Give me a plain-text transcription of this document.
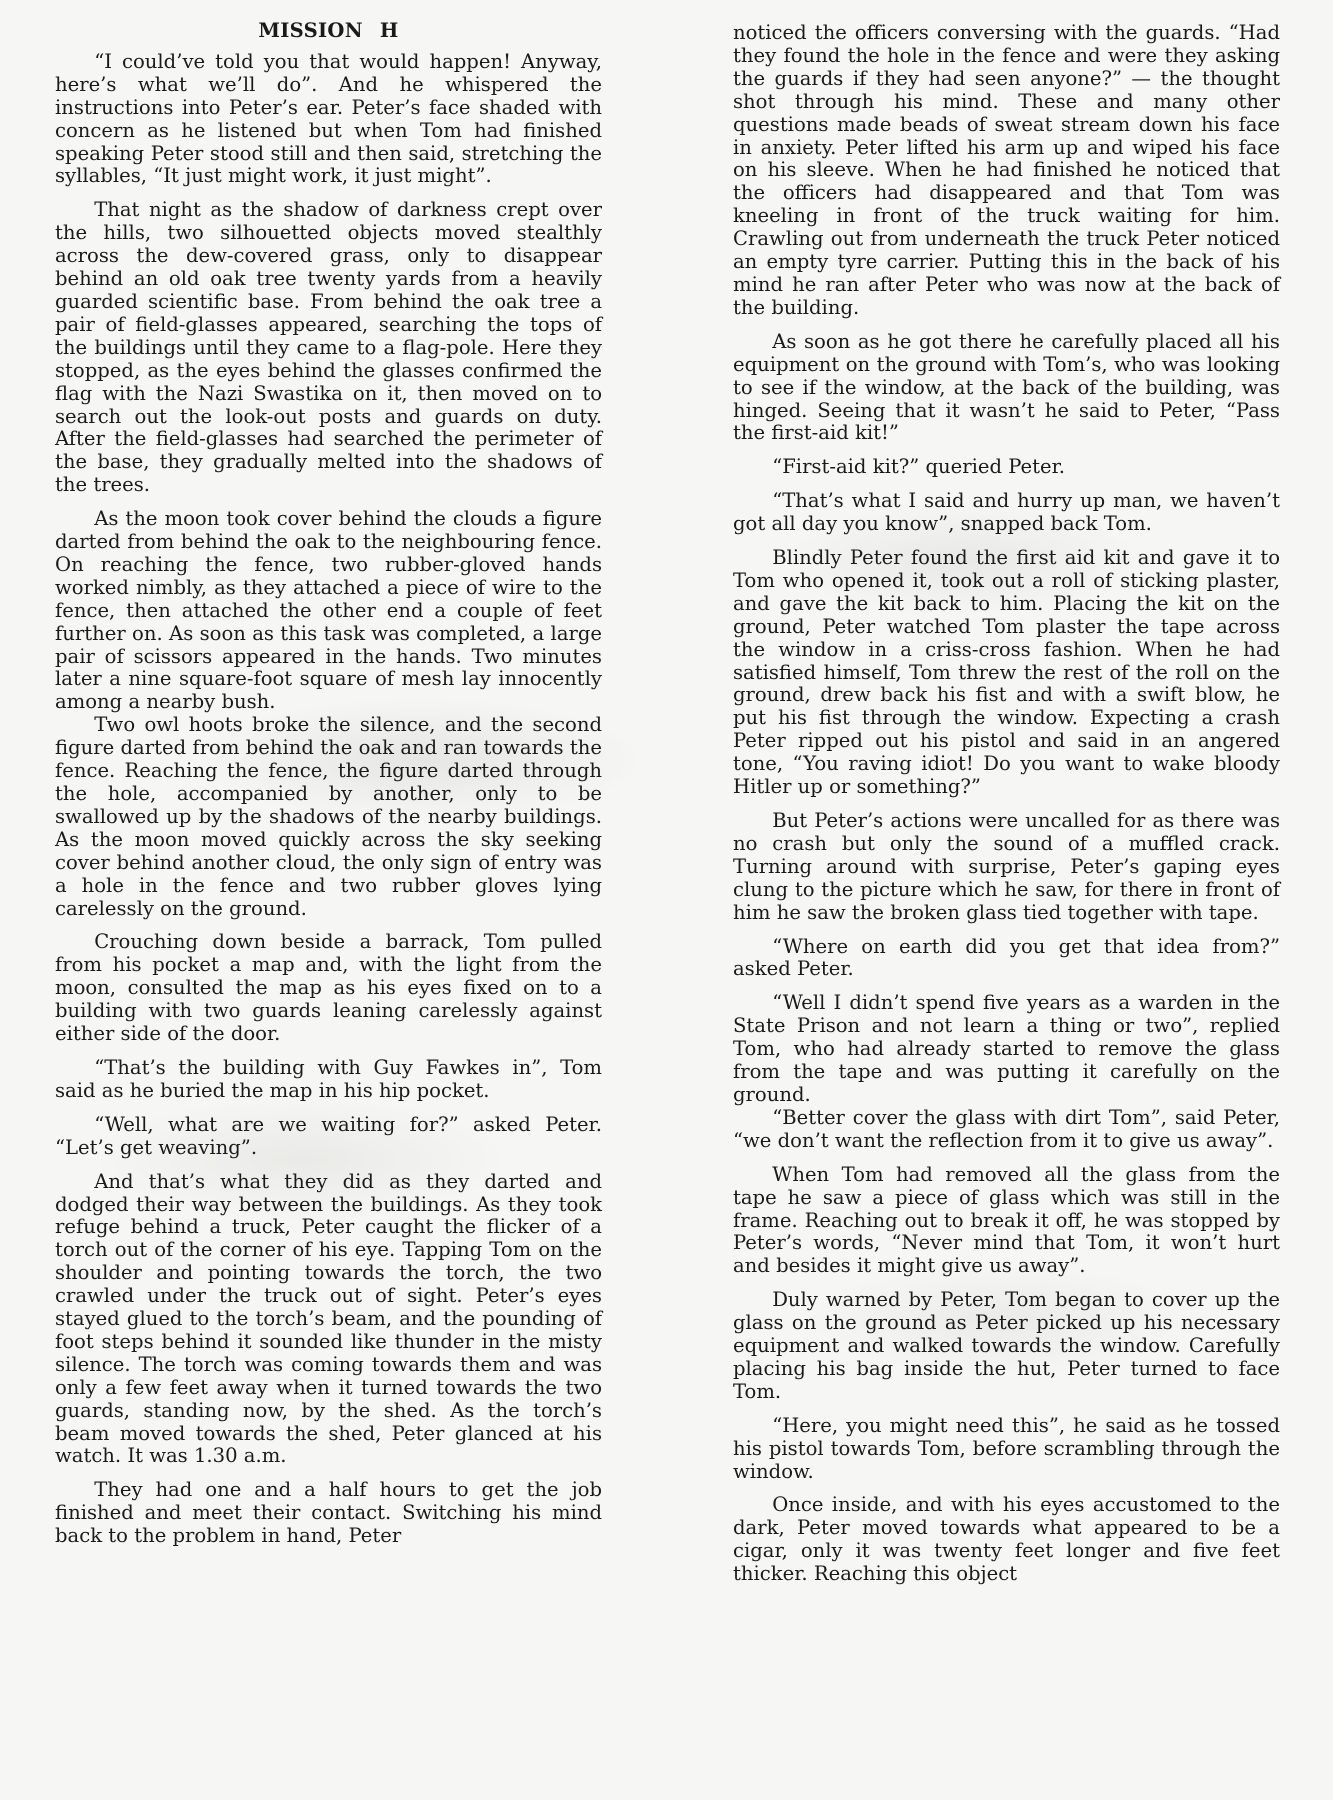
MISSION H

“I could’ve told you that would happen! Anyway, here’s what we’ll do”. And he whispered the instructions into Peter’s ear. Peter’s face shaded with concern as he listened but when Tom had finished speaking Peter stood still and then said, stretching the syllables, “It just might work, it just might”.

That night as the shadow of darkness crept over the hills, two silhouetted objects moved stealthly across the dew-covered grass, only to disappear behind an old oak tree twenty yards from a heavily guarded scientific base. From behind the oak tree a pair of field-glasses appeared, searching the tops of the buildings until they came to a flag-pole. Here they stopped, as the eyes behind the glasses confirmed the flag with the Nazi Swastika on it, then moved on to search out the look-out posts and guards on duty. After the field-glasses had searched the perimeter of the base, they gradually melted into the shadows of the trees.

As the moon took cover behind the clouds a figure darted from behind the oak to the neighbouring fence. On reaching the fence, two rubber-gloved hands worked nimbly, as they attached a piece of wire to the fence, then attached the other end a couple of feet further on. As soon as this task was completed, a large pair of scissors appeared in the hands. Two minutes later a nine square-foot square of mesh lay innocently among a nearby bush.

Two owl hoots broke the silence, and the second figure darted from behind the oak and ran towards the fence. Reaching the fence, the figure darted through the hole, accompanied by another, only to be swallowed up by the shadows of the nearby buildings. As the moon moved quickly across the sky seeking cover behind another cloud, the only sign of entry was a hole in the fence and two rubber gloves lying carelessly on the ground.

Crouching down beside a barrack, Tom pulled from his pocket a map and, with the light from the moon, consulted the map as his eyes fixed on to a building with two guards leaning carelessly against either side of the door.

“That’s the building with Guy Fawkes in”, Tom said as he buried the map in his hip pocket.

“Well, what are we waiting for?” asked Peter. “Let’s get weaving”.

And that’s what they did as they darted and dodged their way between the buildings. As they took refuge behind a truck, Peter caught the flicker of a torch out of the corner of his eye. Tapping Tom on the shoulder and pointing towards the torch, the two crawled under the truck out of sight. Peter’s eyes stayed glued to the torch’s beam, and the pounding of foot steps behind it sounded like thunder in the misty silence. The torch was coming towards them and was only a few feet away when it turned towards the two guards, standing now, by the shed. As the torch’s beam moved towards the shed, Peter glanced at his watch. It was 1.30 a.m.

They had one and a half hours to get the job finished and meet their contact. Switching his mind back to the problem in hand, Peter

noticed the officers conversing with the guards. “Had they found the hole in the fence and were they asking the guards if they had seen anyone?” — the thought shot through his mind. These and many other questions made beads of sweat stream down his face in anxiety. Peter lifted his arm up and wiped his face on his sleeve. When he had finished he noticed that the officers had disappeared and that Tom was kneeling in front of the truck waiting for him. Crawling out from underneath the truck Peter noticed an empty tyre carrier. Putting this in the back of his mind he ran after Peter who was now at the back of the building.

As soon as he got there he carefully placed all his equipment on the ground with Tom’s, who was looking to see if the window, at the back of the building, was hinged. Seeing that it wasn’t he said to Peter, “Pass the first-aid kit!”

“First-aid kit?” queried Peter.

“That’s what I said and hurry up man, we haven’t got all day you know”, snapped back Tom.

Blindly Peter found the first aid kit and gave it to Tom who opened it, took out a roll of sticking plaster, and gave the kit back to him. Placing the kit on the ground, Peter watched Tom plaster the tape across the window in a criss-cross fashion. When he had satisfied himself, Tom threw the rest of the roll on the ground, drew back his fist and with a swift blow, he put his fist through the window. Expecting a crash Peter ripped out his pistol and said in an angered tone, “You raving idiot! Do you want to wake bloody Hitler up or something?”

But Peter’s actions were uncalled for as there was no crash but only the sound of a muffled crack. Turning around with surprise, Peter’s gaping eyes clung to the picture which he saw, for there in front of him he saw the broken glass tied together with tape.

“Where on earth did you get that idea from?” asked Peter.

“Well I didn’t spend five years as a warden in the State Prison and not learn a thing or two”, replied Tom, who had already started to remove the glass from the tape and was putting it carefully on the ground.

“Better cover the glass with dirt Tom”, said Peter, “we don’t want the reflection from it to give us away”.

When Tom had removed all the glass from the tape he saw a piece of glass which was still in the frame. Reaching out to break it off, he was stopped by Peter’s words, “Never mind that Tom, it won’t hurt and besides it might give us away”.

Duly warned by Peter, Tom began to cover up the glass on the ground as Peter picked up his necessary equipment and walked towards the window. Carefully placing his bag inside the hut, Peter turned to face Tom.

“Here, you might need this”, he said as he tossed his pistol towards Tom, before scrambling through the window.

Once inside, and with his eyes accustomed to the dark, Peter moved towards what appeared to be a cigar, only it was twenty feet longer and five feet thicker. Reaching this object
